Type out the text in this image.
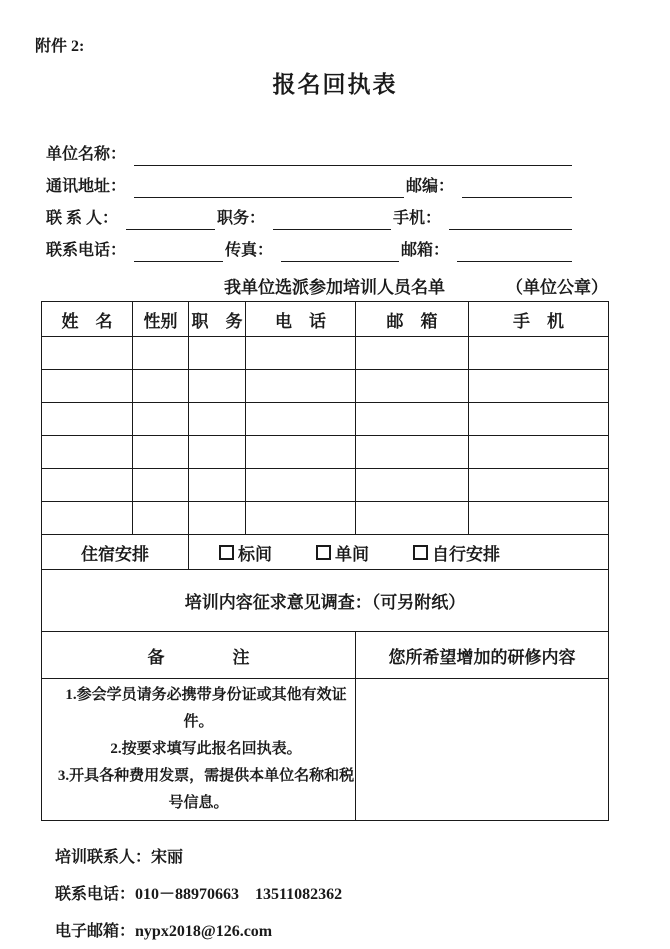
附件 2:
报名回执表
单位名称：
通讯地址：	邮编：
联 系 人：	职务：	手机：
联系电话：	传真：	邮箱：
我单位选派参加培训人员名单	（单位公章）
姓　名	性别	职　务	电　话	邮　箱	手　机

住宿安排		标间 单间 自行安排			

培训内容征求意见调查：（可另附纸）					
备　　　　注				您所希望增加的研修内容	

1.参会学员请务必携带身份证或其他有效证件。

2.按要求填写此报名回执表。

3.开具各种费用发票，需提供本单位名称和税号信息。					

培训联系人：宋丽
联系电话：010－88970663　13511082362
电子邮箱：nypx2018@126.com
